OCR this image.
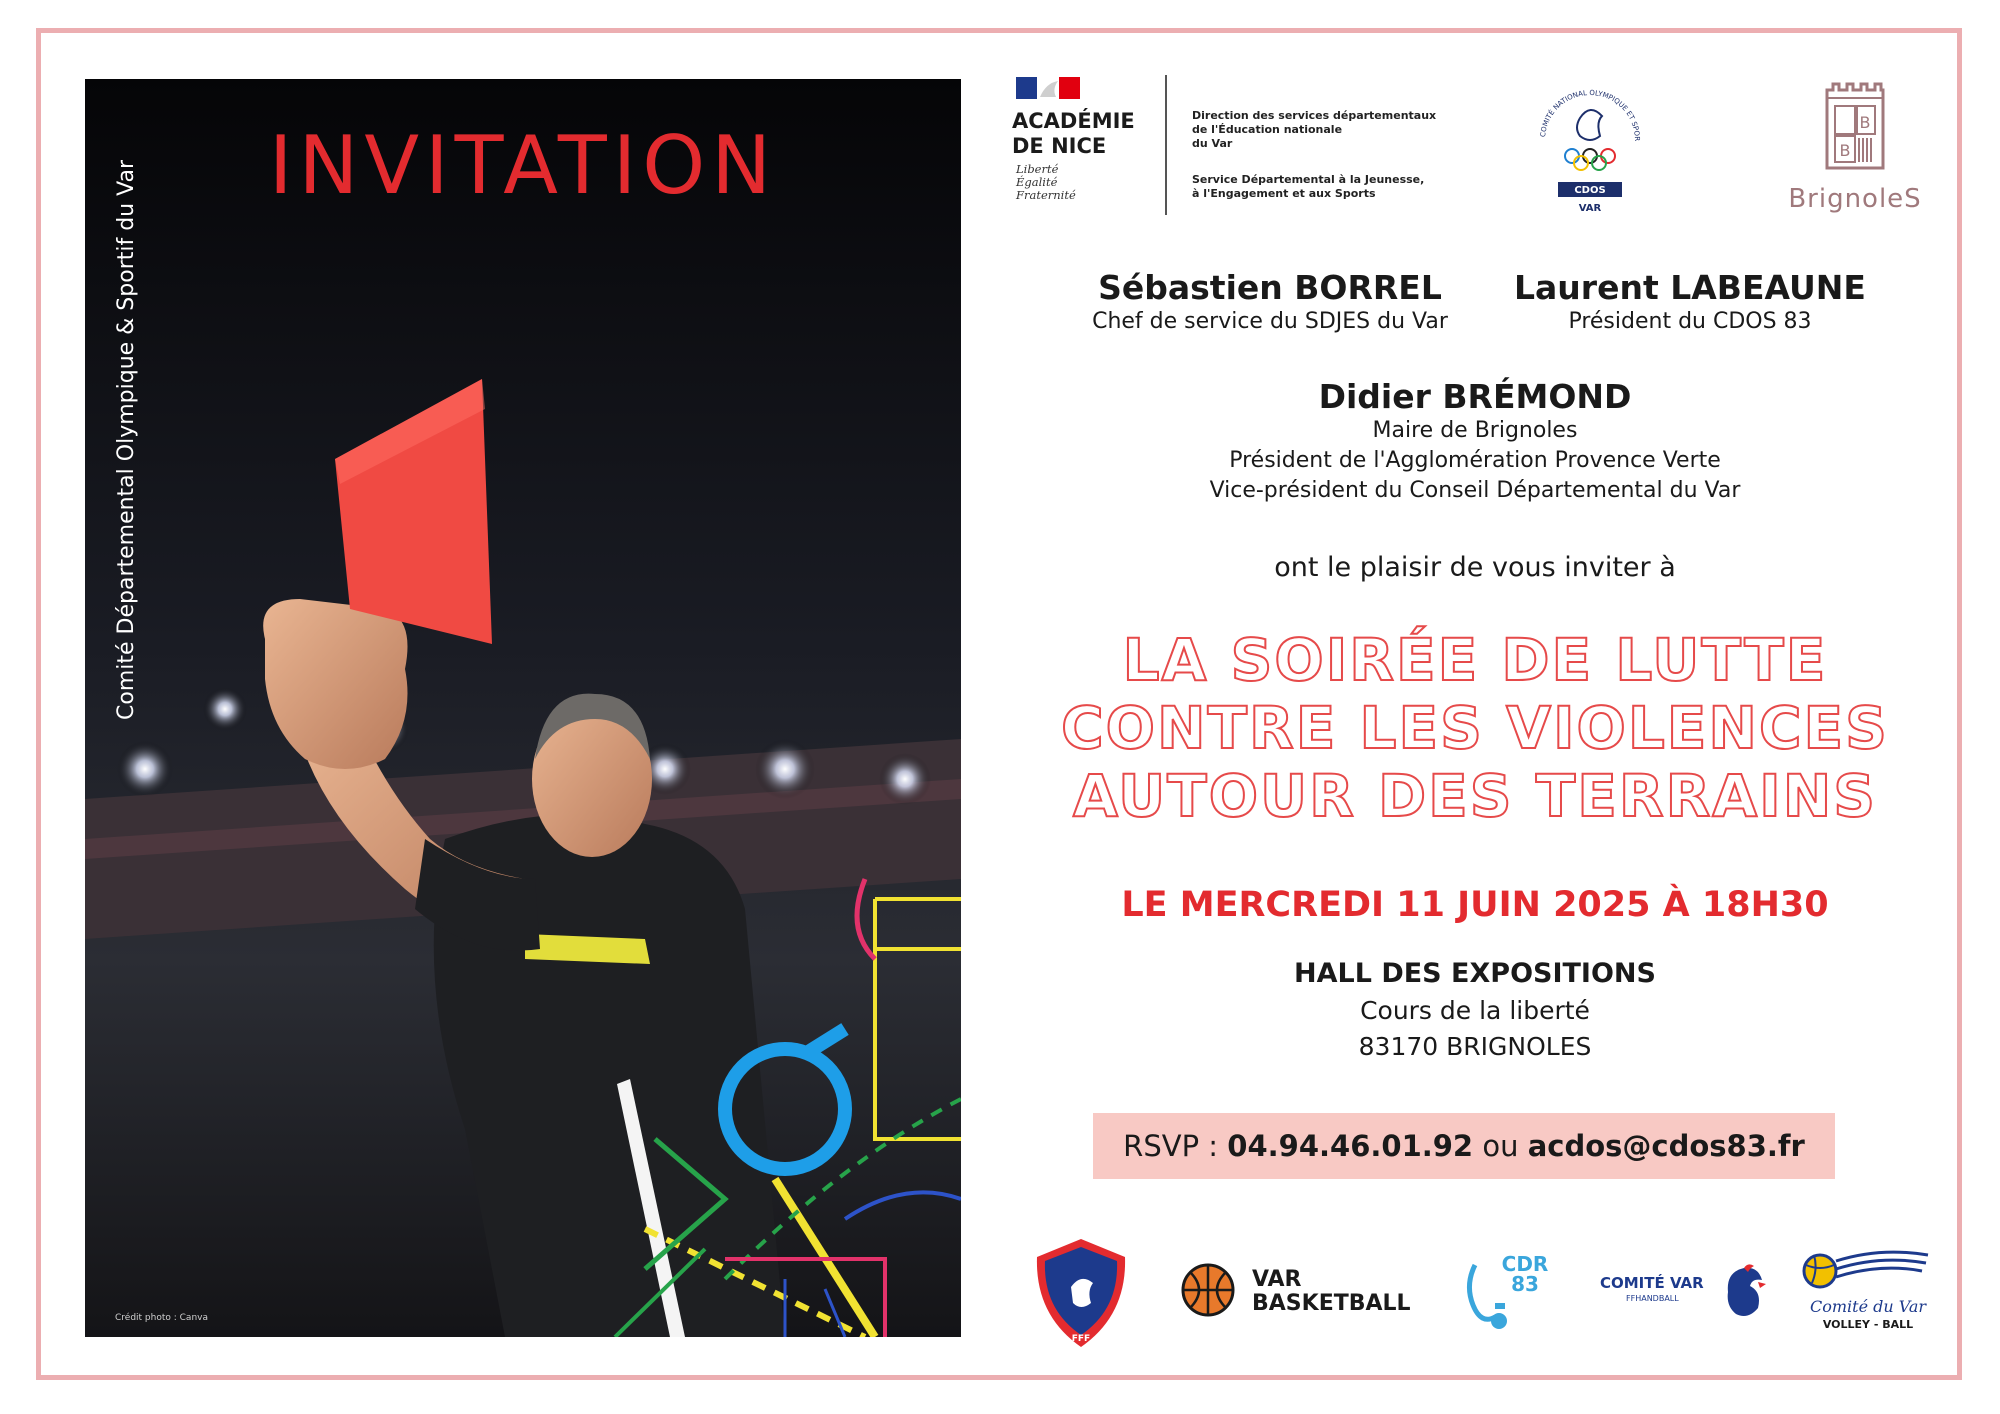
INVITATION
Comité Départemental Olympique & Sportif du Var
Crédit photo : Canva
ACADÉMIE
DE NICE
Liberté
Égalité
Fraternité
Direction des services départementaux
de l'Éducation nationale
du Var
Service Départemental à la Jeunesse,
à l'Engagement et aux Sports
COMITÉ NATIONAL OLYMPIQUE ET SPOR
CDOS
VAR
B
B
BrignoleS
Sébastien BORREL
Chef de service du SDJES du Var
Laurent LABEAUNE
Président du CDOS 83
Didier BRÉMOND
Maire de Brignoles
Président de l'Agglomération Provence Verte
Vice-président du Conseil Départemental du Var
ont le plaisir de vous inviter à
LA SOIRÉE DE LUTTE
CONTRE LES VIOLENCES
AUTOUR DES TERRAINS
LE MERCREDI 11 JUIN 2025 À 18H30
HALL DES EXPOSITIONS
Cours de la liberté
83170 BRIGNOLES
RSVP : 04.94.46.01.92 ou acdos@cdos83.fr
FFF
VAR
BASKETBALL
CDR
83	COMITÉ VAR
FFHANDBALL	Comité du Var
VOLLEY - BALL
